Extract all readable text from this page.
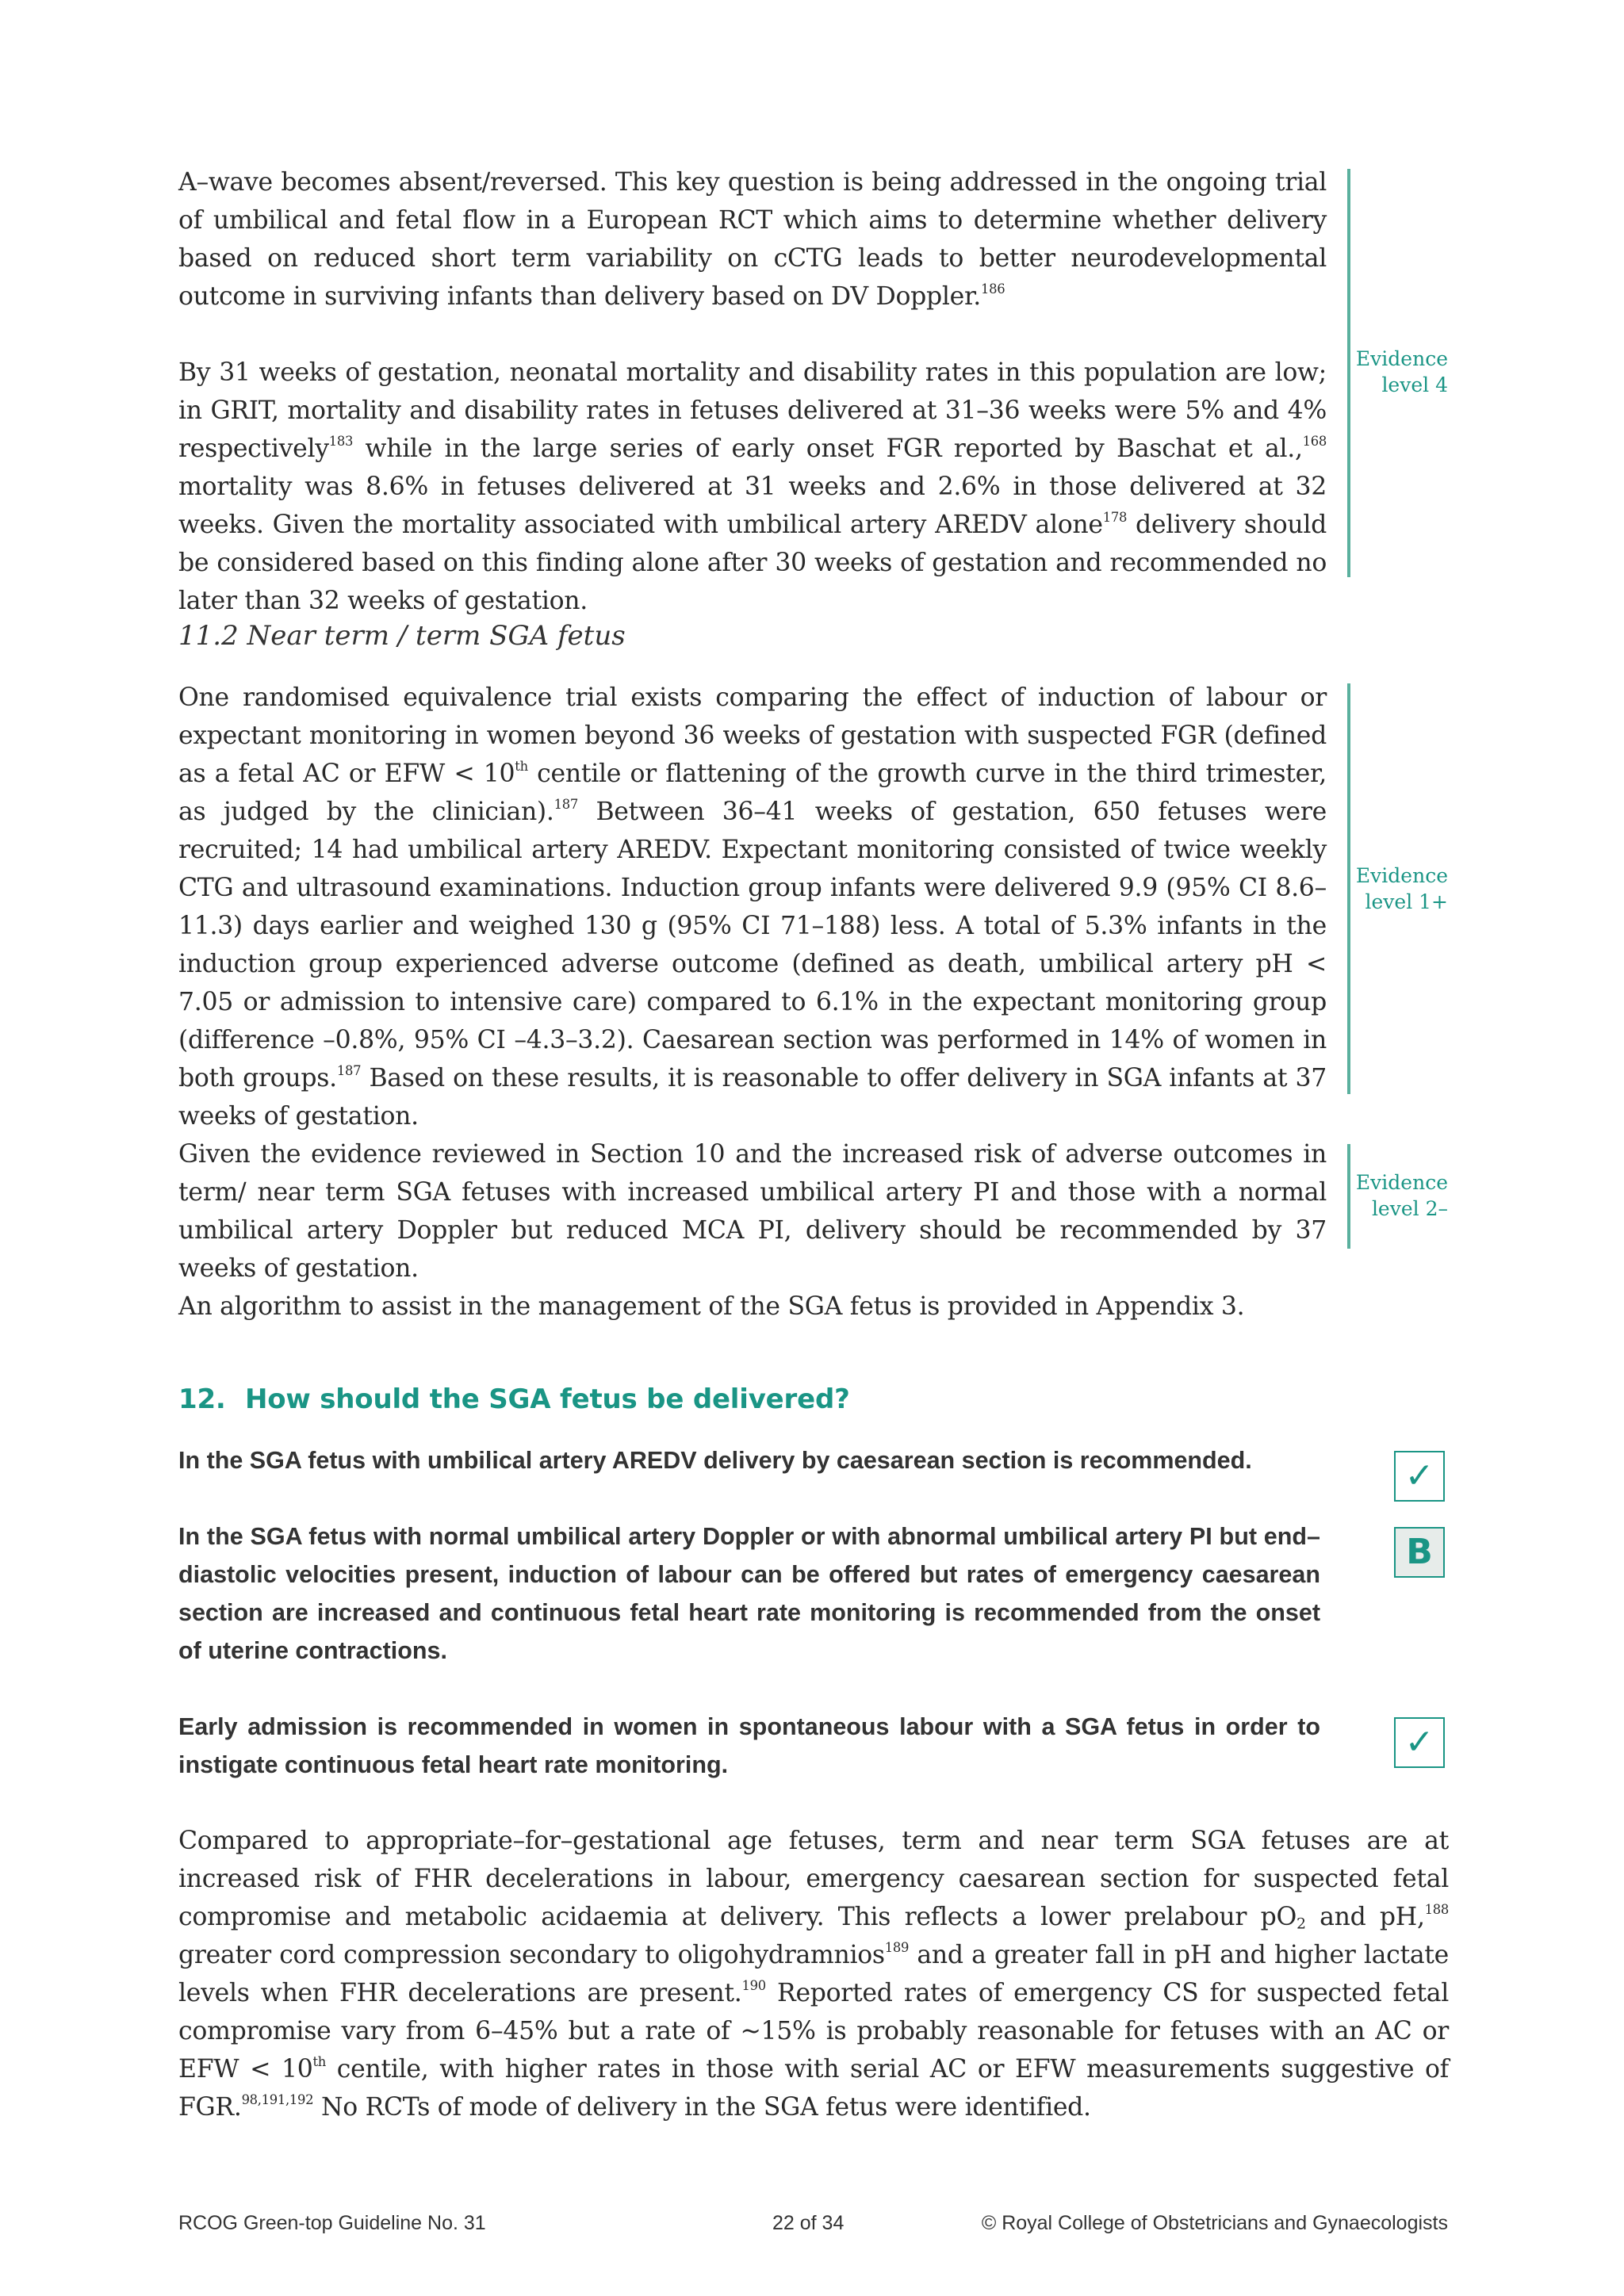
A–wave becomes absent/reversed. This key question is being addressed in the ongoing trial of umbilical and fetal flow in a European RCT which aims to determine whether delivery based on reduced short term variability on cCTG leads to better neurodevelopmental outcome in surviving infants than delivery based on DV Doppler.$^{186}$

By 31 weeks of gestation, neonatal mortality and disability rates in this population are low; in GRIT, mortality and disability rates in fetuses delivered at 31–36 weeks were 5% and 4% respectively$^{183}$ while in the large series of early onset FGR reported by Baschat et al.,$^{168}$ mortality was 8.6% in fetuses delivered at 31 weeks and 2.6% in those delivered at 32 weeks. Given the mortality associated with umbilical artery AREDV alone$^{178}$ delivery should be considered based on this finding alone after 30 weeks of gestation and recommended no later than 32 weeks of gestation.

Evidence
level 4
11.2 Near term / term SGA fetus

One randomised equivalence trial exists comparing the effect of induction of labour or expectant monitoring in women beyond 36 weeks of gestation with suspected FGR (defined as a fetal AC or EFW < 10th centile or flattening of the growth curve in the third trimester, as judged by the clinician).$^{187}$ Between 36–41 weeks of gestation, 650 fetuses were recruited; 14 had umbilical artery AREDV. Expectant monitoring consisted of twice weekly CTG and ultrasound examinations. Induction group infants were delivered 9.9 (95% CI 8.6–11.3) days earlier and weighed 130 g (95% CI 71–188) less. A total of 5.3% infants in the induction group experienced adverse outcome (defined as death, umbilical artery pH < 7.05 or admission to intensive care) compared to 6.1% in the expectant monitoring group (difference –0.8%, 95% CI –4.3–3.2). Caesarean section was performed in 14% of women in both groups.$^{187}$ Based on these results, it is reasonable to offer delivery in SGA infants at 37 weeks of gestation.

Evidence
level 1+

Given the evidence reviewed in Section 10 and the increased risk of adverse outcomes in term/ near term SGA fetuses with increased umbilical artery PI and those with a normal umbilical artery Doppler but reduced MCA PI, delivery should be recommended by 37 weeks of gestation.

Evidence
level 2–

An algorithm to assist in the management of the SGA fetus is provided in Appendix 3.

12. How should the SGA fetus be delivered?

In the SGA fetus with umbilical artery AREDV delivery by caesarean section is recommended.	✓

In the SGA fetus with normal umbilical artery Doppler or with abnormal umbilical artery PI but end–diastolic velocities present, induction of labour can be offered but rates of emergency caesarean section are increased and continuous fetal heart rate monitoring is recommended from the onset of uterine contractions.

B

Early admission is recommended in women in spontaneous labour with a SGA fetus in order to instigate continuous fetal heart rate monitoring.

✓

Compared to appropriate–for–gestational age fetuses, term and near term SGA fetuses are at increased risk of FHR decelerations in labour, emergency caesarean section for suspected fetal compromise and metabolic acidaemia at delivery. This reflects a lower prelabour $pO_2$ and pH,$^{188}$ greater cord compression secondary to oligohydramnios$^{189}$ and a greater fall in pH and higher lactate levels when FHR decelerations are present.$^{190}$ Reported rates of emergency CS for suspected fetal compromise vary from 6–45% but a rate of ~15% is probably reasonable for fetuses with an AC or EFW < 10th centile, with higher rates in those with serial AC or EFW measurements suggestive of FGR.$^{98,191,192}$ No RCTs of mode of delivery in the SGA fetus were identified.

RCOG Green-top Guideline No. 31	22 of 34	© Royal College of Obstetricians and Gynaecologists
